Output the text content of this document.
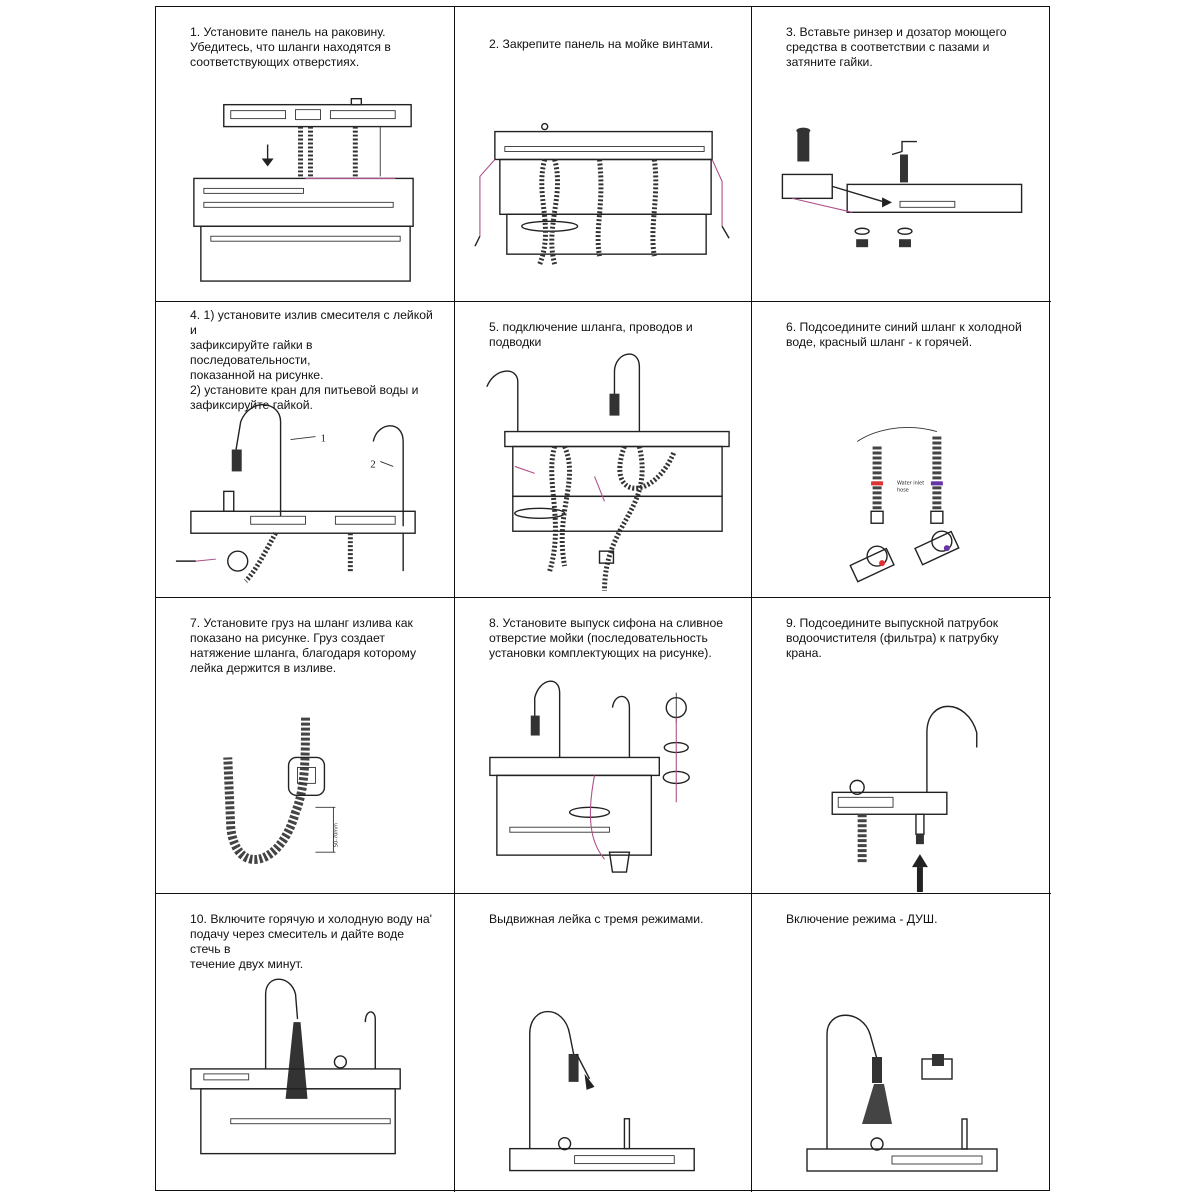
1. Установите панель на раковину.
Убедитесь, что шланги находятся в
соответствующих отверстиях.
2. Закрепите панель на мойке винтами.
3. Вставьте ринзер и дозатор моющего
средства в соответствии с пазами и
затяните гайки.
4. 1) установите излив смесителя с лейкой и
зафиксируйте гайки в последовательности,
показанной на рисунке.
2) установите кран для питьевой воды и
зафиксируйте гайкой.
1
2
5. подключение шланга, проводов и
подводки
6. Подсоедините синий шланг к холодной
воде, красный шланг - к горячей.
Water inlet
hose
7. Установите груз на шланг излива как
показано на рисунке. Груз создает
натяжение шланга, благодаря которому
лейка держится в изливе.
50-70mm
8. Установите выпуск сифона на сливное
отверстие мойки (последовательность
установки комплектующих на рисунке).
9. Подсоедините выпускной патрубок
водоочистителя (фильтра) к патрубку крана.
10. Включите горячую и холодную воду на'
подачу через смеситель и дайте воде стечь в
течение двух минут.
Выдвижная лейка с тремя режимами.	Включение режима - ДУШ.
